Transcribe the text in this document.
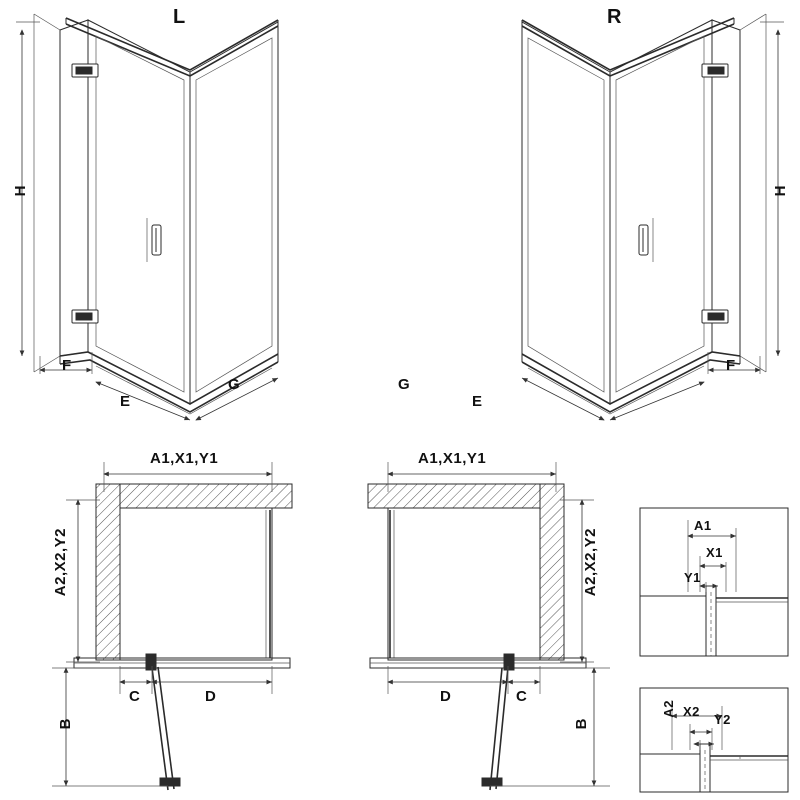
L	R
H	H
F
E
G
F
E
G
A1,X1,Y1
A2,X2,Y2
C	D
B
A1,X1,Y1
A2,X2,Y2
D	C
B
A1
X1
Y1
A2 X2
Y2
